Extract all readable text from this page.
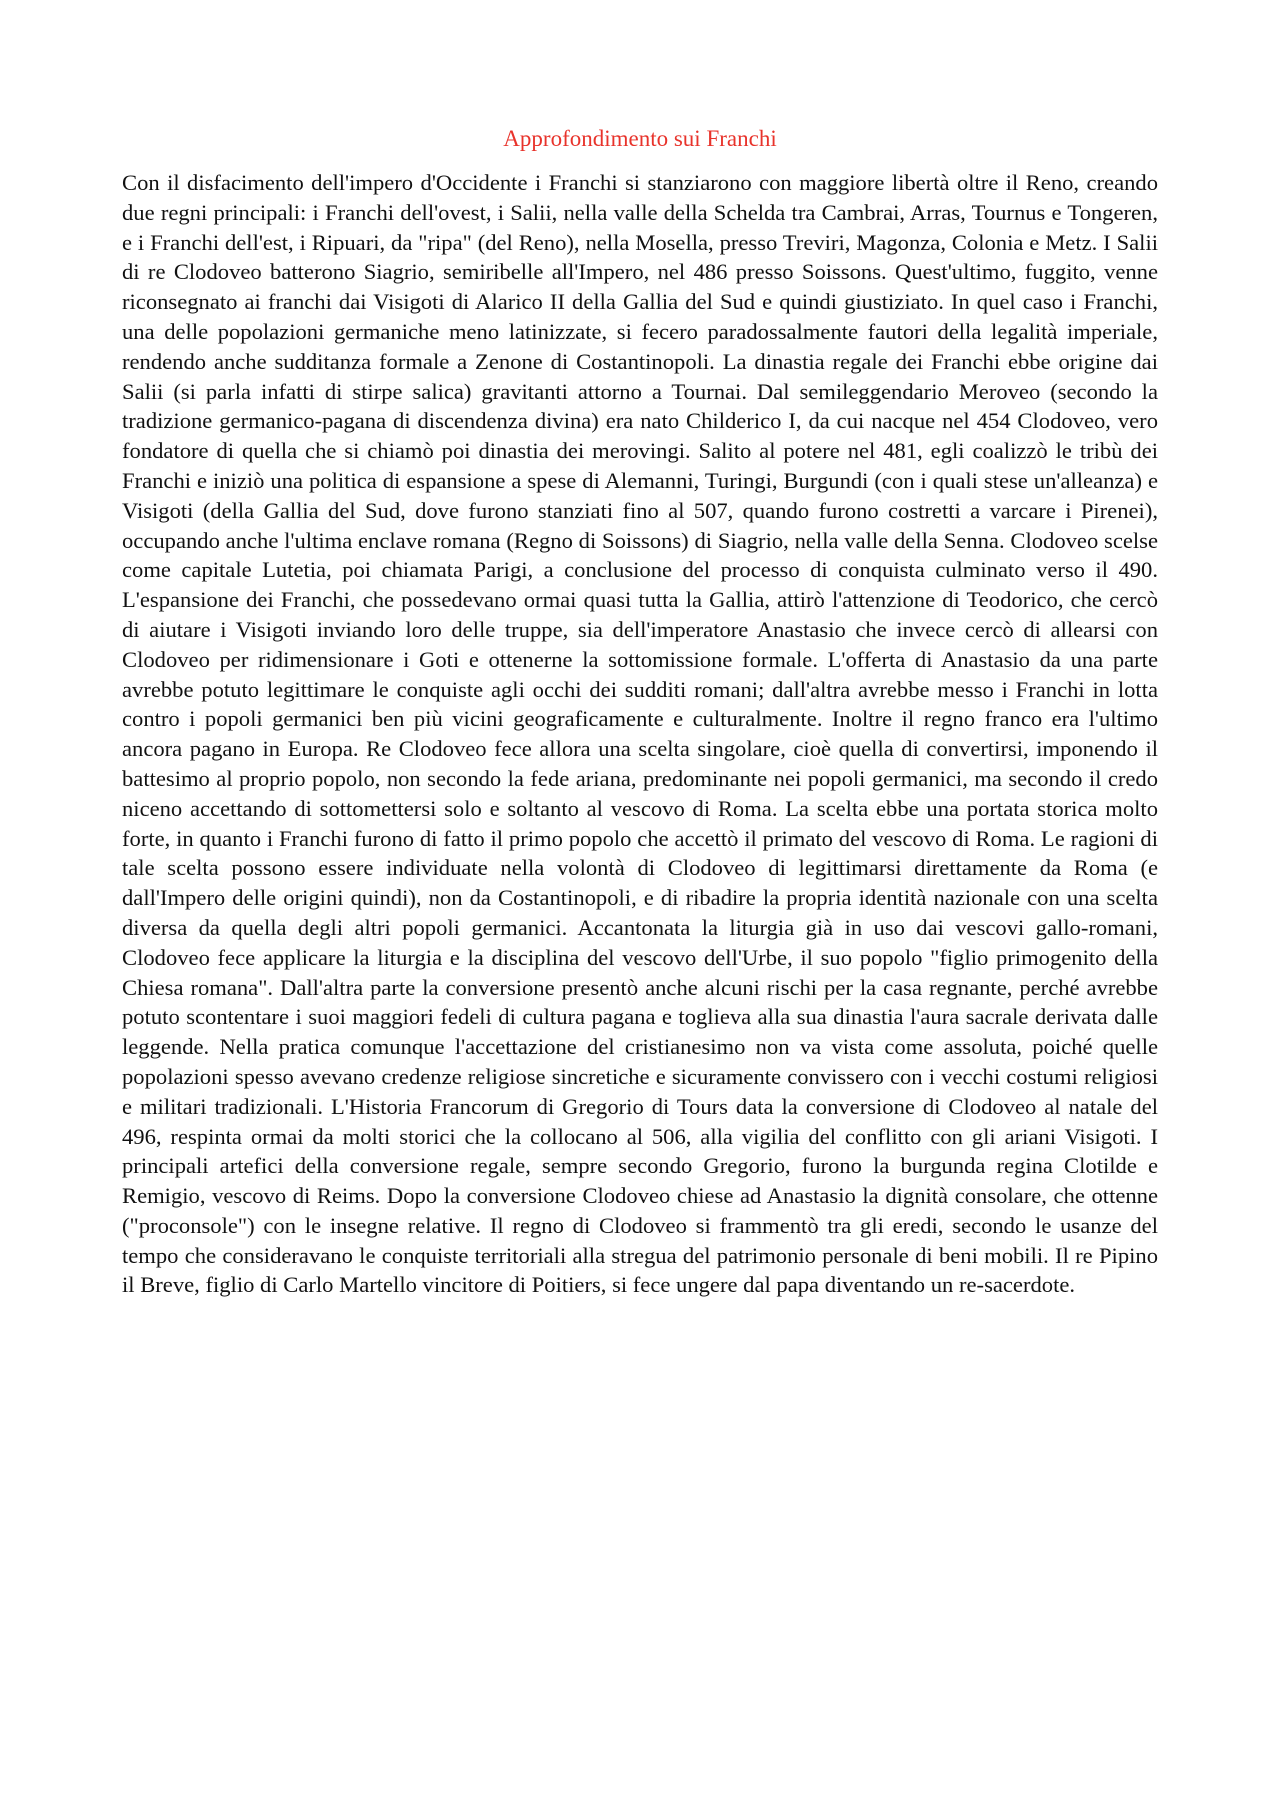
Approfondimento sui Franchi

Con il disfacimento dell'impero d'Occidente i Franchi si stanziarono con maggiore libertà oltre il Reno, creando due regni principali: i Franchi dell'ovest, i Salii, nella valle della Schelda tra Cambrai, Arras, Tournus e Tongeren, e i Franchi dell'est, i Ripuari, da "ripa" (del Reno), nella Mosella, presso Treviri, Magonza, Colonia e Metz. I Salii di re Clodoveo batterono Siagrio, semiribelle all'Impero, nel 486 presso Soissons. Quest'ultimo, fuggito, venne riconsegnato ai franchi dai Visigoti di Alarico II della Gallia del Sud e quindi giustiziato. In quel caso i Franchi, una delle popolazioni germaniche meno latinizzate, si fecero paradossalmente fautori della legalità imperiale, rendendo anche sudditanza formale a Zenone di Costantinopoli. La dinastia regale dei Franchi ebbe origine dai Salii (si parla infatti di stirpe salica) gravitanti attorno a Tournai. Dal semileggendario Meroveo (secondo la tradizione germanico-pagana di discendenza divina) era nato Childerico I, da cui nacque nel 454 Clodoveo, vero fondatore di quella che si chiamò poi dinastia dei merovingi. Salito al potere nel 481, egli coalizzò le tribù dei Franchi e iniziò una politica di espansione a spese di Alemanni, Turingi, Burgundi (con i quali stese un'alleanza) e Visigoti (della Gallia del Sud, dove furono stanziati fino al 507, quando furono costretti a varcare i Pirenei), occupando anche l'ultima enclave romana (Regno di Soissons) di Siagrio, nella valle della Senna. Clodoveo scelse come capitale Lutetia, poi chiamata Parigi, a conclusione del processo di conquista culminato verso il 490. L'espansione dei Franchi, che possedevano ormai quasi tutta la Gallia, attirò l'attenzione di Teodorico, che cercò di aiutare i Visigoti inviando loro delle truppe, sia dell'imperatore Anastasio che invece cercò di allearsi con Clodoveo per ridimensionare i Goti e ottenerne la sottomissione formale. L'offerta di Anastasio da una parte avrebbe potuto legittimare le conquiste agli occhi dei sudditi romani; dall'altra avrebbe messo i Franchi in lotta contro i popoli germanici ben più vicini geograficamente e culturalmente. Inoltre il regno franco era l'ultimo ancora pagano in Europa. Re Clodoveo fece allora una scelta singolare, cioè quella di convertirsi, imponendo il battesimo al proprio popolo, non secondo la fede ariana, predominante nei popoli germanici, ma secondo il credo niceno accettando di sottomettersi solo e soltanto al vescovo di Roma. La scelta ebbe una portata storica molto forte, in quanto i Franchi furono di fatto il primo popolo che accettò il primato del vescovo di Roma. Le ragioni di tale scelta possono essere individuate nella volontà di Clodoveo di legittimarsi direttamente da Roma (e dall'Impero delle origini quindi), non da Costantinopoli, e di ribadire la propria identità nazionale con una scelta diversa da quella degli altri popoli germanici. Accantonata la liturgia già in uso dai vescovi gallo-romani, Clodoveo fece applicare la liturgia e la disciplina del vescovo dell'Urbe, il suo popolo "figlio primogenito della Chiesa romana". Dall'altra parte la conversione presentò anche alcuni rischi per la casa regnante, perché avrebbe potuto scontentare i suoi maggiori fedeli di cultura pagana e toglieva alla sua dinastia l'aura sacrale derivata dalle leggende. Nella pratica comunque l'accettazione del cristianesimo non va vista come assoluta, poiché quelle popolazioni spesso avevano credenze religiose sincretiche e sicuramente convissero con i vecchi costumi religiosi e militari tradizionali. L'Historia Francorum di Gregorio di Tours data la conversione di Clodoveo al natale del 496, respinta ormai da molti storici che la collocano al 506, alla vigilia del conflitto con gli ariani Visigoti. I principali artefici della conversione regale, sempre secondo Gregorio, furono la burgunda regina Clotilde e Remigio, vescovo di Reims. Dopo la conversione Clodoveo chiese ad Anastasio la dignità consolare, che ottenne ("proconsole") con le insegne relative. Il regno di Clodoveo si frammentò tra gli eredi, secondo le usanze del tempo che consideravano le conquiste territoriali alla stregua del patrimonio personale di beni mobili. Il re Pipino il Breve, figlio di Carlo Martello vincitore di Poitiers, si fece ungere dal papa diventando un re-sacerdote.
